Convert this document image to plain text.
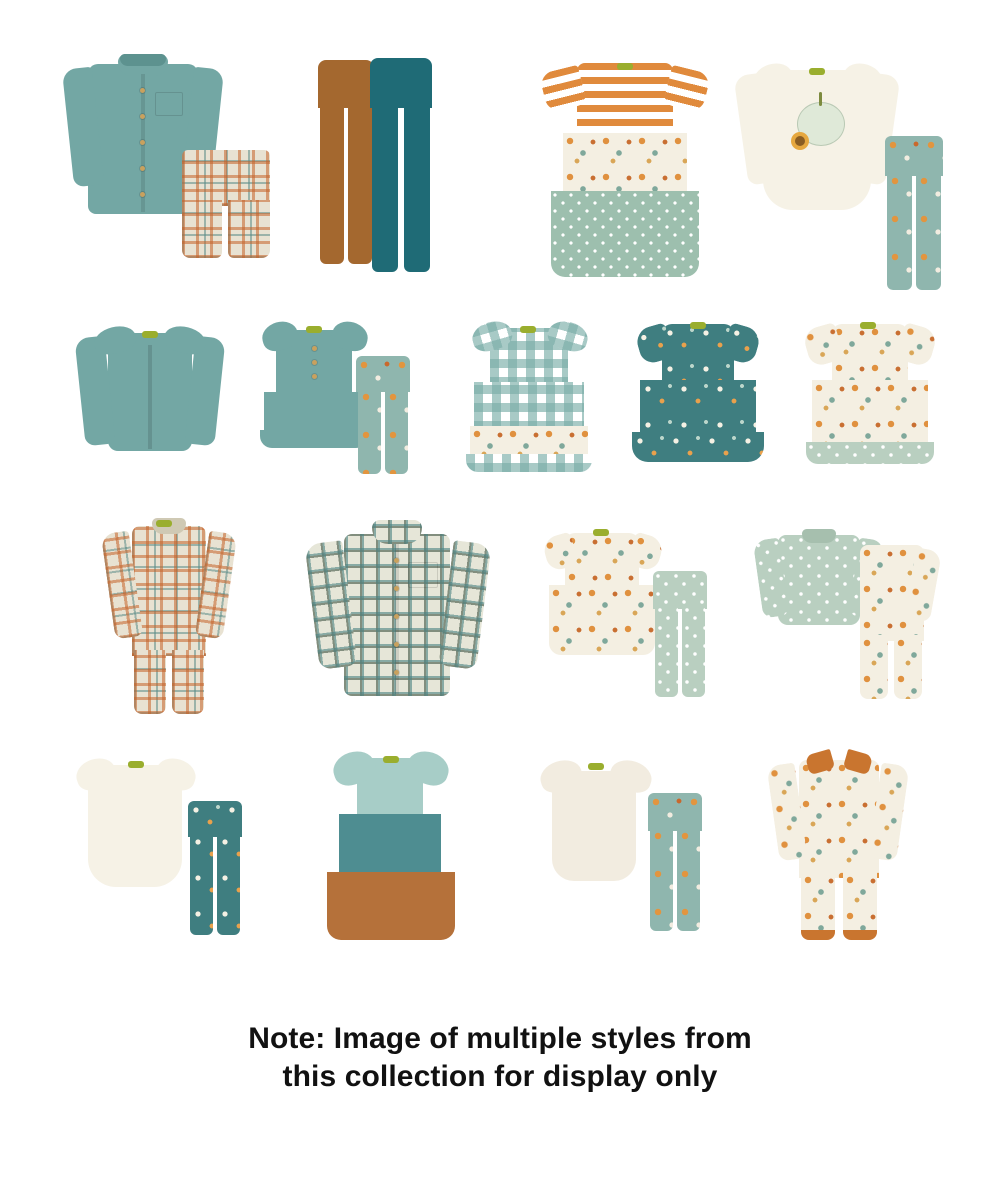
Note: Image of multiple styles from
this collection for display only
